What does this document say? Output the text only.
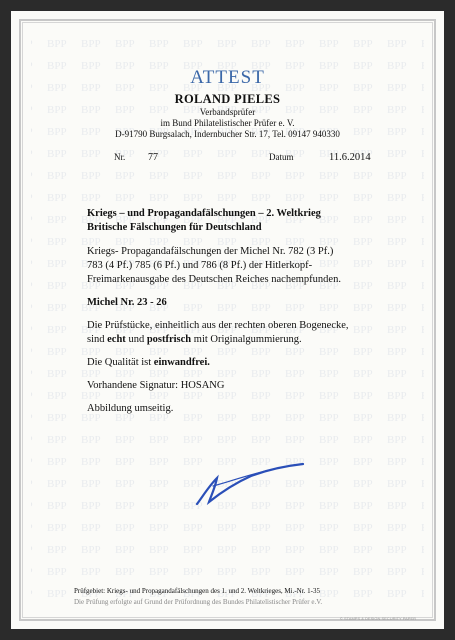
ATTEST
ROLAND PIELES
Verbandsprüfer
im Bund Philatelistischer Prüfer e. V.
D-91790 Burgsalach, Indernbucher Str. 17, Tel. 09147 940330
Nr. 77	Datum	11.6.2014

Kriegs – und Propagandafälschungen – 2. Weltkrieg

Britische Fälschungen für Deutschland

Kriegs- Propagandafälschungen der Michel Nr. 782 (3 Pf.)

783 (4 Pf.) 785 (6 Pf.) und 786 (8 Pf.) der Hitlerkopf-

Freimarkenausgabe des Deutschen Reiches nachempfunden.

Michel Nr. 23 - 26

Die Prüfstücke, einheitlich aus der rechten oberen Bogenecke,

sind echt und postfrisch mit Originalgummierung.

Die Qualität ist einwandfrei.

Vorhandene Signatur: HOSANG

Abbildung umseitig.

Prüfgebiet: Kriegs- und Propagandafälschungen des 1. und 2. Weltkrieges, Mi.-Nr. 1-35
Die Prüfung erfolgte auf Grund der Prüfordnung des Bundes Philatelistischer Prüfer e.V.
© STAMPS & DESIGN SECURITY PAPER
